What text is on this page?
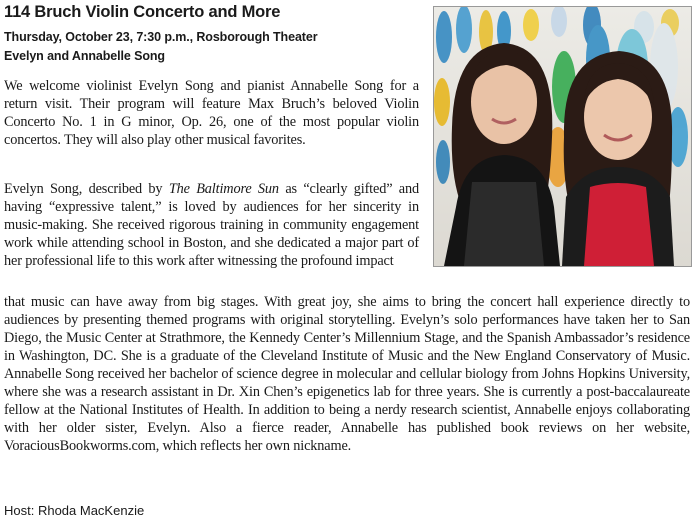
114 Bruch Violin Concerto and More
Thursday, October 23, 7:30 p.m., Rosborough Theater
Evelyn and Annabelle Song

We welcome violinist Evelyn Song and pianist Annabelle Song for a return visit. Their program will feature Max Bruch’s beloved Violin Concerto No. 1 in G minor, Op. 26, one of the most popular violin concertos. They will also play other musical favorites.

Evelyn Song, described by The Baltimore Sun as “clearly gifted” and having “expressive talent,” is loved by audiences for her sincerity in music-making. She received rigorous training in community engagement work while attending school in Boston, and she dedicated a major part of her professional life to this work after witnessing the profound impact

that music can have away from big stages. With great joy, she aims to bring the concert hall experience directly to audiences by presenting themed programs with original storytelling. Evelyn’s solo performances have taken her to San Diego, the Music Center at Strathmore, the Kennedy Center’s Millennium Stage, and the Spanish Ambassador’s residence in Washington, DC. She is a graduate of the Cleveland Institute of Music and the New England Conservatory of Music. Annabelle Song received her bachelor of science degree in molecular and cellular biology from Johns Hopkins University, where she was a research assistant in Dr. Xin Chen’s epigenetics lab for three years. She is currently a post-baccalaureate fellow at the National Institutes of Health. In addition to being a nerdy research scientist, Annabelle enjoys collaborating with her older sister, Evelyn. Also a fierce reader, Annabelle has published book reviews on her website, VoraciousBookworms.com, which reflects her own nickname.

Host: Rhoda MacKenzie
